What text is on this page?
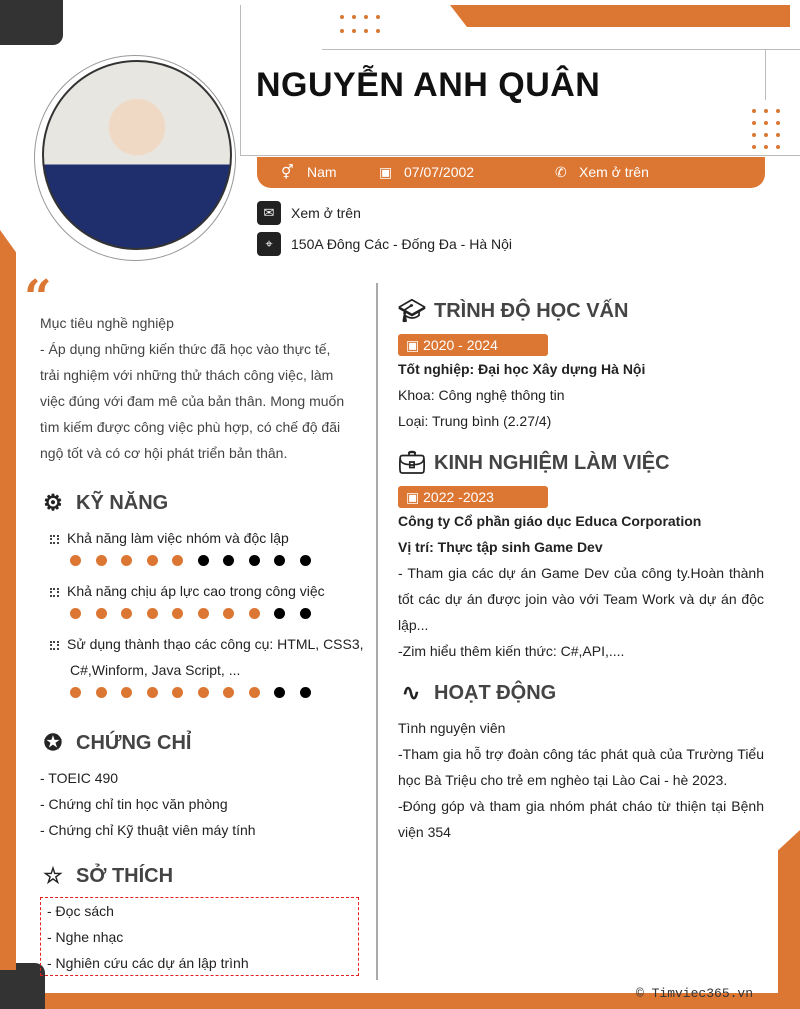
NGUYỄN ANH QUÂN
⚥ Nam	▣ 07/07/2002	✆ Xem ở trên
✉	Xem ở trên
⌖	150A Đông Các - Đống Đa - Hà Nội
“
Mục tiêu nghề nghiệp
- Áp dụng những kiến thức đã học vào thực tế, trải nghiệm với những thử thách công việc, làm việc đúng với đam mê của bản thân. Mong muốn tìm kiếm được công việc phù hợp, có chế độ đãi ngộ tốt và có cơ hội phát triển bản thân.
⚙ KỸ NĂNG
Khả năng làm việc nhóm và độc lập
Khả năng chịu áp lực cao trong công việc
Sử dụng thành thạo các công cụ: HTML, CSS3, C#,Winform, Java Script, ...
✪ CHỨNG CHỈ
- TOEIC 490
- Chứng chỉ tin học văn phòng
- Chứng chỉ Kỹ thuật viên máy tính
☆ SỞ THÍCH
- Đọc sách
- Nghe nhạc
- Nghiên cứu các dự án lập trình
🎓︎ TRÌNH ĐỘ HỌC VẤN
▣ 2020 - 2024
Tốt nghiệp: Đại học Xây dựng Hà Nội
Khoa: Công nghệ thông tin
Loại: Trung bình (2.27/4)
💼︎ KINH NGHIỆM LÀM VIỆC
▣ 2022 -2023
Công ty Cổ phần giáo dục Educa Corporation
Vị trí: Thực tập sinh Game Dev
- Tham gia các dự án Game Dev của công ty.Hoàn thành tốt các dự án được join vào với Team Work và dự án độc lập...
-Zim hiểu thêm kiến thức: C#,API,....
∿ HOẠT ĐỘNG
Tình nguyện viên
-Tham gia hỗ trợ đoàn công tác phát quà của Trường Tiểu học Bà Triệu cho trẻ em nghèo tại Lào Cai - hè 2023.
-Đóng góp và tham gia nhóm phát cháo từ thiện tại Bệnh viện 354
© Timviec365.vn
